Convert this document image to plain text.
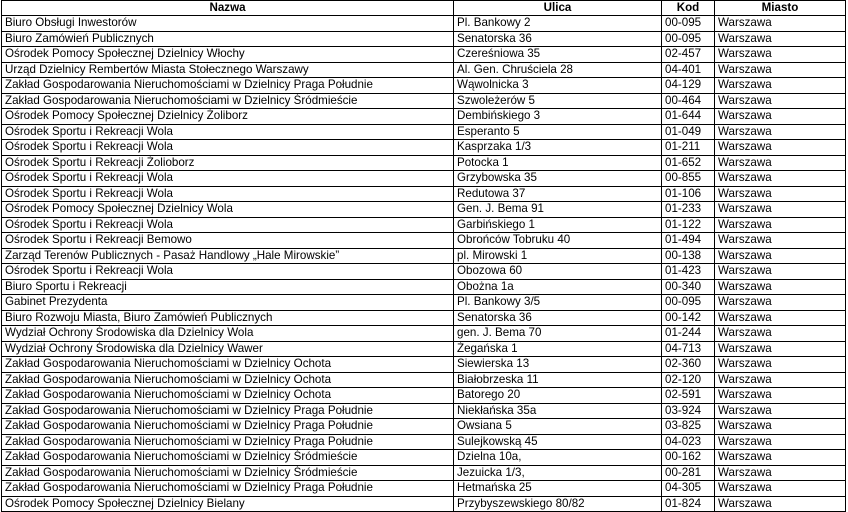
Nazwa	Ulica	Kod	Miasto
Biuro Obsługi Inwestorów	Pl. Bankowy 2	00-095	Warszawa
Biuro Zamówień Publicznych	Senatorska 36	00-095	Warszawa
Ośrodek Pomocy Społecznej Dzielnicy Włochy	Czereśniowa 35	02-457	Warszawa
Urząd Dzielnicy Rembertów Miasta Stołecznego Warszawy	Al. Gen. Chruściela 28	04-401	Warszawa
Zakład Gospodarowania Nieruchomościami w Dzielnicy Praga Południe	Wąwolnicka 3	04-129	Warszawa
Zakład Gospodarowania Nieruchomościami w Dzielnicy Śródmieście	Szwoleżerów 5	00-464	Warszawa
Ośrodek Pomocy Społecznej Dzielnicy Żoliborz	Dembińskiego 3	01-644	Warszawa
Ośrodek Sportu i Rekreacji Wola	Esperanto 5	01-049	Warszawa
Ośrodek Sportu i Rekreacji Wola	Kasprzaka 1/3	01-211	Warszawa
Ośrodek Sportu i Rekreacji Żolioborz	Potocka 1	01-652	Warszawa
Ośrodek Sportu i Rekreacji Wola	Grzybowska 35	00-855	Warszawa
Ośrodek Sportu i Rekreacji Wola	Redutowa 37	01-106	Warszawa
Ośrodek Pomocy Społecznej Dzielnicy Wola	Gen. J. Bema 91	01-233	Warszawa
Ośrodek Sportu i Rekreacji Wola	Garbińskiego 1	01-122	Warszawa
Ośrodek Sportu i Rekreacji Bemowo	Obrońców Tobruku 40	01-494	Warszawa
Zarząd Terenów Publicznych - Pasaż Handlowy „Hale Mirowskie”	pl. Mirowski 1	00-138	Warszawa
Ośrodek Sportu i Rekreacji Wola	Obozowa 60	01-423	Warszawa
Biuro Sportu i Rekreacji	Obożna 1a	00-340	Warszawa
Gabinet Prezydenta	Pl. Bankowy 3/5	00-095	Warszawa
Biuro Rozwoju Miasta, Biuro Zamówień Publicznych	Senatorska 36	00-142	Warszawa
Wydział Ochrony Środowiska dla Dzielnicy Wola	gen. J. Bema 70	01-244	Warszawa
Wydział Ochrony Środowiska dla Dzielnicy Wawer	Żegańska 1	04-713	Warszawa
Zakład Gospodarowania Nieruchomościami w Dzielnicy Ochota	Siewierska 13	02-360	Warszawa
Zakład Gospodarowania Nieruchomościami w Dzielnicy Ochota	Białobrzeska 11	02-120	Warszawa
Zakład Gospodarowania Nieruchomościami w Dzielnicy Ochota	Batorego 20	02-591	Warszawa
Zakład Gospodarowania Nieruchomościami w Dzielnicy Praga Południe	Niekłańska 35a	03-924	Warszawa
Zakład Gospodarowania Nieruchomościami w Dzielnicy Praga Południe	Owsiana 5	03-825	Warszawa
Zakład Gospodarowania Nieruchomościami w Dzielnicy Praga Południe	Sulejkowską 45	04-023	Warszawa
Zakład Gospodarowania Nieruchomościami w Dzielnicy Śródmieście	Dzielna 10a,	00-162	Warszawa
Zakład Gospodarowania Nieruchomościami w Dzielnicy Śródmieście	Jezuicka 1/3,	00-281	Warszawa
Zakład Gospodarowania Nieruchomościami w Dzielnicy Praga Południe	Hetmańska 25	04-305	Warszawa
Ośrodek Pomocy Społecznej Dzielnicy Bielany	Przybyszewskiego 80/82	01-824	Warszawa
